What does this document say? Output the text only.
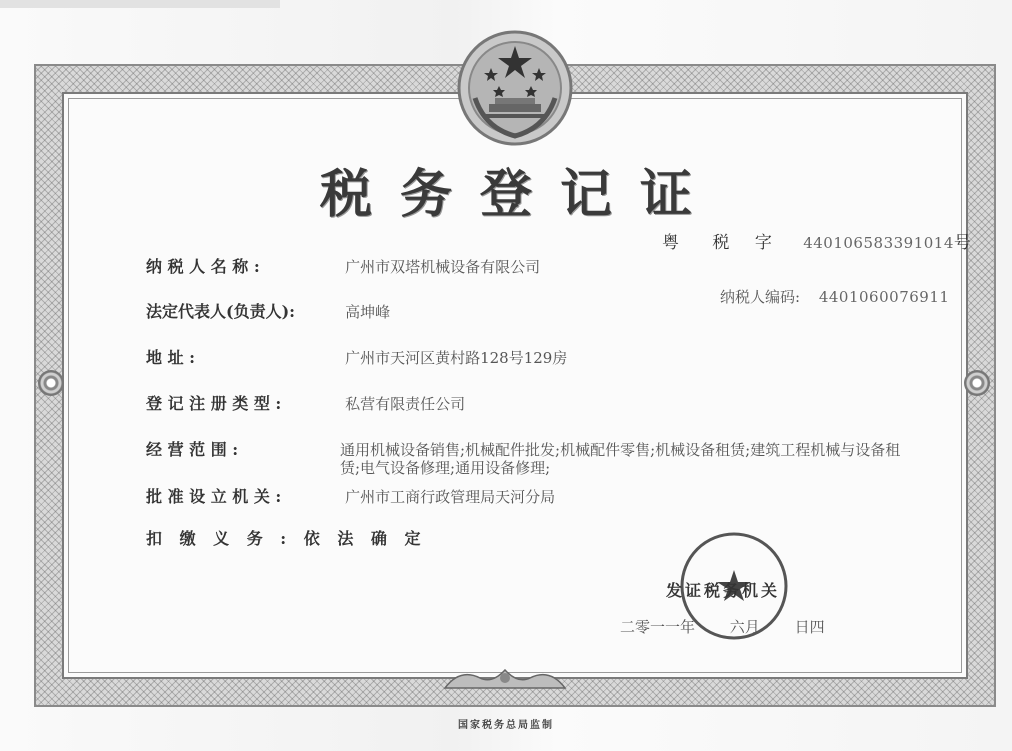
税务登记证
粤 税 字 440106583391014号
纳税人编码: 4401060076911
纳 税 人 名 称 :	广州市双塔机械设备有限公司
法定代表人(负责人):	高坤峰
地 址 :	广州市天河区黄村路128号129房
登 记 注 册 类 型 :	私营有限责任公司
经 营 范 围 :	通用机械设备销售;机械配件批发;机械配件零售;机械设备租赁;建筑工程机械与设备租赁;电气设备修理;通用设备修理;
批 准 设 立 机 关 :	广州市工商行政管理局天河分局
扣 缴 义 务 : 依 法 确 定
发证税务机关
二零一一年 六月 日四
国家税务总局监制
